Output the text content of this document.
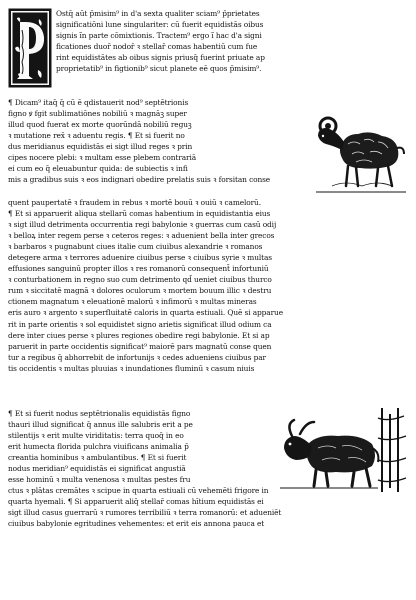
Ostq̄ aūt p̄misim⁹ in d'a sexta qualiter sciam⁹ p̄prietates
significatiōni lune singulariter: cū fuerit equidistās oibus
signis ĩn parte cōmixtionis. Tractem⁹ ergo ĩ hac d'a signi
ficationes duor̄ nodor̄ ꝛ stellar̄ comas habentiū cum fue
rint equidistātes ab oibus signis priusq̄ fuerint priuate ap
proprietatib⁹ in figtionib⁹ sicut planete eē quos p̄misim⁹.
¶ Dicam⁹ itaq̄ q̄ cū ē qdistauerit nod⁹ septētrionis
figno ꝟ fgit sublimatiōnes nobiliū ꝛ magnāꝫ super
illud quod fuerat ex morte quorūndā nobiliū reguꝫ
ꝛ mutatione rex̄ ꝛ aduentu regis. ¶ Et si fuerit no
dus meridianus equidistās ei sigt illud reges ꝛ prin
cipes nocere plebi: ꝛ multam esse plebem contrariā
ei cum eo q̄ eleuabuntur quida: de subiectis ꝛ infi
mis a gradibus suis ꝛ eos indignari obedire prelatis suis ꝛ forsitan conse
quent paupertatē ꝛ fraudem in rebus ꝛ mortē bouū ꝛ ouiū ꝛ camelorū.
¶ Et si apparuerit aliqua stellarū comas habentium in equidistantia eius
ꝛ sigt illud detrimenta occurrentia regi babylonie ꝛ guerras cum casū odij
ꝛ belloꝝ inter regem perse ꝛ ceteros reges: ꝛ aduenient bella inter grecos
ꝛ barbaros ꝛ pugnabunt ciues italie cum ciuibus alexandrie ꝛ romanos
detegere arma ꝛ terrores aduenire ciuibus perse ꝛ ciuibus syrie ꝛ multas
effusiones sanguinū propter illos ꝛ res romanorū consequent̄ infortuniū
ꝛ conturbationem in regno suo cum detrimento qd̄ ueniet ciuibus thurco
rum ꝛ siccitatē magnā ꝛ dolores oculorum ꝛ mortem bouum illic ꝛ destru
ctionem magnatum ꝛ eleuationē malorū ꝛ infimorū ꝛ multas mineras
eris auro ꝛ argento ꝛ superfluitatē caloris in quarta estiuali. Quē si apparue
rit in parte orientis ꝛ sol equidistet signo arietis significat illud odium ca
dere inter ciues perse ꝛ plures regiones obedire regi babylonie. Et si ap
paruerit in parte occidentis significat⁹ maiorē pars magnatū conse quen
tur a regibus q̄ abhorrebit de infortunijs ꝛ cedes adueniens ciuibus par
tis occidentis ꝛ multas pluuias ꝛ inundationes fluminū ꝛ casum niuis
¶ Et si fuerit nodus septētrionalis equidistās figno
thauri illud significat q̄ annus ille salubris erit a pe
stilentijs ꝛ erit multe viriditatis: terra quoq̄ in eo
erit humecta florida pulchra viuificans animalia p̄
creantia hominibus ꝛ ambulantibus. ¶ Et si fuerit
nodus meridian⁹ equidistās ei significat angustiā
esse hominū ꝛ multa venenosa ꝛ multas pestes fru
ctus ꝛ plātas cremātes ꝛ scipue in quarta estiuali cū vehemēti frigore in
quarta hyemali. ¶ Si apparuerit aliq̄ stellar̄ comas hītium equidistās ei
sigt illud casus guerrarū ꝛ rumores terribiliū ꝛ terra romanorū: et adueniēt
ciuibus babylonie egritudines vehementes: et erit eis annona pauca et
